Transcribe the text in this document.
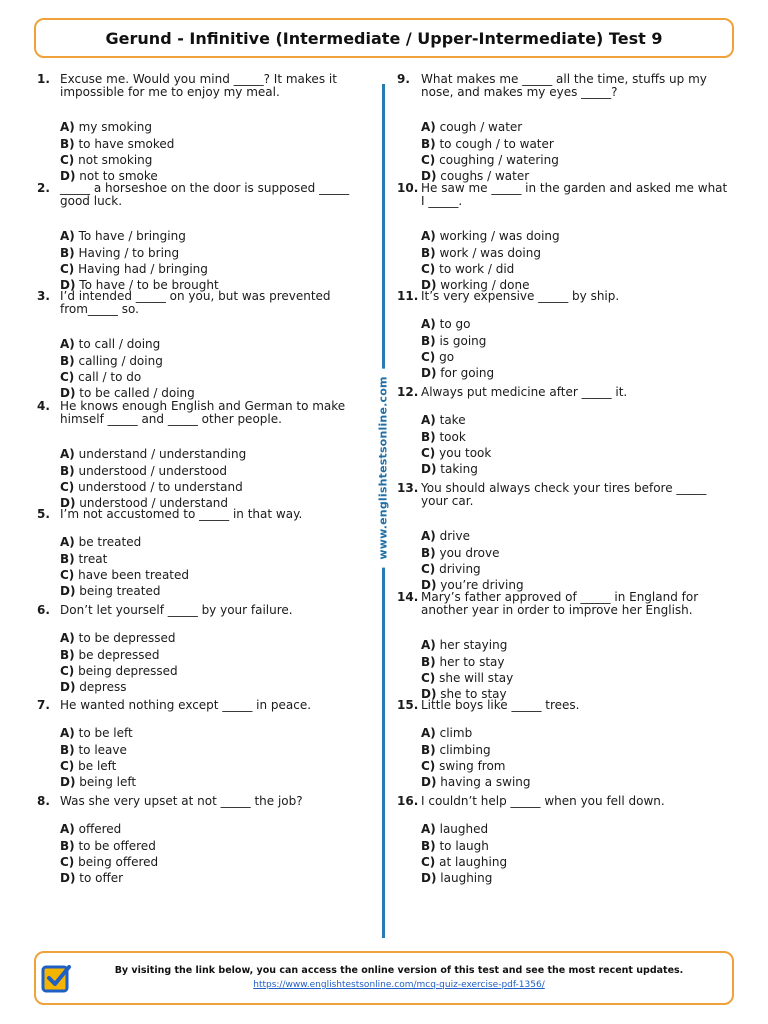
Gerund - Infinitive (Intermediate / Upper-Intermediate) Test 9
www.englishtestsonline.com
1. Excuse me. Would you mind _____? It makes it impossible for me to enjoy my meal.
A) my smoking
B) to have smoked
C) not smoking
D) not to smoke
2. _____ a horseshoe on the door is supposed _____ good luck.
A) To have / bringing
B) Having / to bring
C) Having had / bringing
D) To have / to be brought
3. I’d intended _____ on you, but was prevented from_____ so.
A) to call / doing
B) calling / doing
C) call / to do
D) to be called / doing
4. He knows enough English and German to make himself _____ and _____ other people.
A) understand / understanding
B) understood / understood
C) understood / to understand
D) understood / understand
5. I’m not accustomed to _____ in that way.
A) be treated
B) treat
C) have been treated
D) being treated
6. Don’t let yourself _____ by your failure.
A) to be depressed
B) be depressed
C) being depressed
D) depress
7. He wanted nothing except _____ in peace.
A) to be left
B) to leave
C) be left
D) being left
8. Was she very upset at not _____ the job?
A) offered
B) to be offered
C) being offered
D) to offer
9. What makes me _____ all the time, stuffs up my nose, and makes my eyes _____?
A) cough / water
B) to cough / to water
C) coughing / watering
D) coughs / water
10. He saw me _____ in the garden and asked me what I _____.
A) working / was doing
B) work / was doing
C) to work / did
D) working / done
11. It’s very expensive _____ by ship.
A) to go
B) is going
C) go
D) for going
12. Always put medicine after _____ it.
A) take
B) took
C) you took
D) taking
13. You should always check your tires before _____ your car.
A) drive
B) you drove
C) driving
D) you’re driving
14. Mary’s father approved of _____ in England for another year in order to improve her English.
A) her staying
B) her to stay
C) she will stay
D) she to stay
15. Little boys like _____ trees.
A) climb
B) climbing
C) swing from
D) having a swing
16. I couldn’t help _____ when you fell down.
A) laughed
B) to laugh
C) at laughing
D) laughing
By visiting the link below, you can access the online version of this test and see the most recent updates.
https://www.englishtestsonline.com/mcq-quiz-exercise-pdf-1356/
